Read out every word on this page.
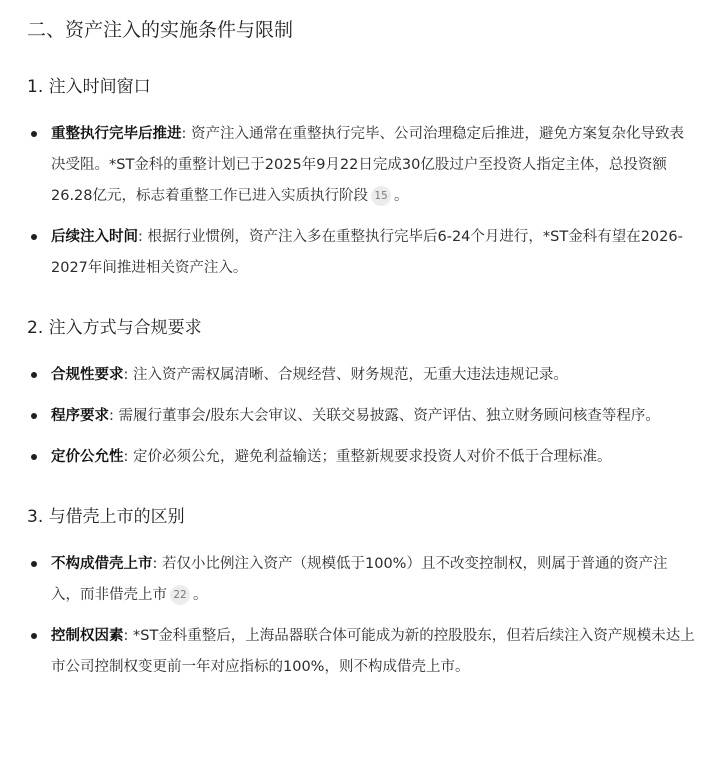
二、资产注入的实施条件与限制
1. 注入时间窗口
重整执行完毕后推进: 资产注入通常在重整执行完毕、公司治理稳定后推进，避免方案复杂化导致表决受阻。*ST金科的重整计划已于2025年9月22日完成30亿股过户至投资人指定主体，总投资额26.28亿元，标志着重整工作已进入实质执行阶段 15 。
后续注入时间: 根据行业惯例，资产注入多在重整执行完毕后6-24个月进行，*ST金科有望在2026-2027年间推进相关资产注入。
2. 注入方式与合规要求
合规性要求: 注入资产需权属清晰、合规经营、财务规范，无重大违法违规记录。
程序要求: 需履行董事会/股东大会审议、关联交易披露、资产评估、独立财务顾问核查等程序。
定价公允性: 定价必须公允，避免利益输送；重整新规要求投资人对价不低于合理标准。
3. 与借壳上市的区别
不构成借壳上市: 若仅小比例注入资产（规模低于100%）且不改变控制权，则属于普通的资产注入，而非借壳上市 22 。
控制权因素: *ST金科重整后，上海品器联合体可能成为新的控股股东，但若后续注入资产规模未达上市公司控制权变更前一年对应指标的100%，则不构成借壳上市。
